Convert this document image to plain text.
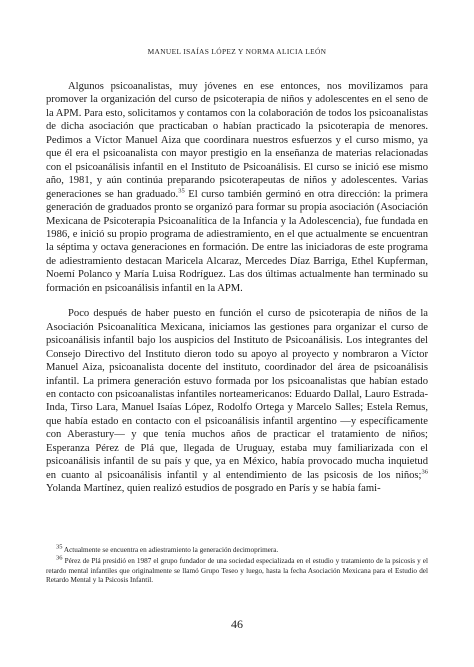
MANUEL ISAÍAS LÓPEZ Y NORMA ALICIA LEÓN

Algunos psicoanalistas, muy jóvenes en ese entonces, nos movilizamos para promover la organización del curso de psicoterapia de niños y adolescentes en el seno de la APM. Para esto, solicitamos y contamos con la colaboración de todos los psicoanalistas de dicha asociación que practicaban o habían practicado la psicoterapia de menores. Pedimos a Víctor Manuel Aiza que coordinara nuestros esfuerzos y el curso mismo, ya que él era el psicoanalista con mayor prestigio en la enseñanza de materias relacionadas con el psicoanálisis infantil en el Instituto de Psicoanálisis. El curso se inició ese mismo año, 1981, y aún continúa preparando psicoterapeutas de niños y adolescentes. Varias generaciones se han graduado.$^{35}$ El curso también germinó en otra dirección: la primera generación de graduados pronto se organizó para formar su propia asociación (Asociación Mexicana de Psicoterapia Psicoanalítica de la Infancia y la Adolescencia), fue fundada en 1986, e inició su propio programa de adiestramiento, en el que actualmente se encuentran la séptima y octava generaciones en formación. De entre las iniciadoras de este programa de adiestramiento destacan Maricela Alcaraz, Mercedes Díaz Barriga, Ethel Kupferman, Noemí Polanco y María Luisa Rodríguez. Las dos últimas actualmente han terminado su formación en psicoanálisis infantil en la APM.

Poco después de haber puesto en función el curso de psicoterapia de niños de la Asociación Psicoanalítica Mexicana, iniciamos las gestiones para organizar el curso de psicoanálisis infantil bajo los auspicios del Instituto de Psicoanálisis. Los integrantes del Consejo Directivo del Instituto dieron todo su apoyo al proyecto y nombraron a Víctor Manuel Aiza, psicoanalista docente del instituto, coordinador del área de psicoanálisis infantil. La primera generación estuvo formada por los psicoanalistas que habían estado en contacto con psicoanalistas infantiles norteamericanos: Eduardo Dallal, Lauro Estrada-Inda, Tirso Lara, Manuel Isaías López, Rodolfo Ortega y Marcelo Salles; Estela Remus, que había estado en contacto con el psicoanálisis infantil argentino —y específicamente con Aberastury— y que tenía muchos años de practicar el tratamiento de niños; Esperanza Pérez de Plá que, llegada de Uruguay, estaba muy familiarizada con el psicoanálisis infantil de su país y que, ya en México, había provocado mucha inquietud en cuanto al psicoanálisis infantil y al entendimiento de las psicosis de los niños;$^{36}$ Yolanda Martínez, quien realizó estudios de posgrado en París y se había fami-

$^{35}$ Actualmente se encuentra en adiestramiento la generación decimoprimera.

$^{36}$ Pérez de Plá presidió en 1987 el grupo fundador de una sociedad especializada en el estudio y tratamiento de la psicosis y el retardo mental infantiles que originalmente se llamó Grupo Teseo y luego, hasta la fecha Asociación Mexicana para el Estudio del Retardo Mental y la Psicosis Infantil.

46
